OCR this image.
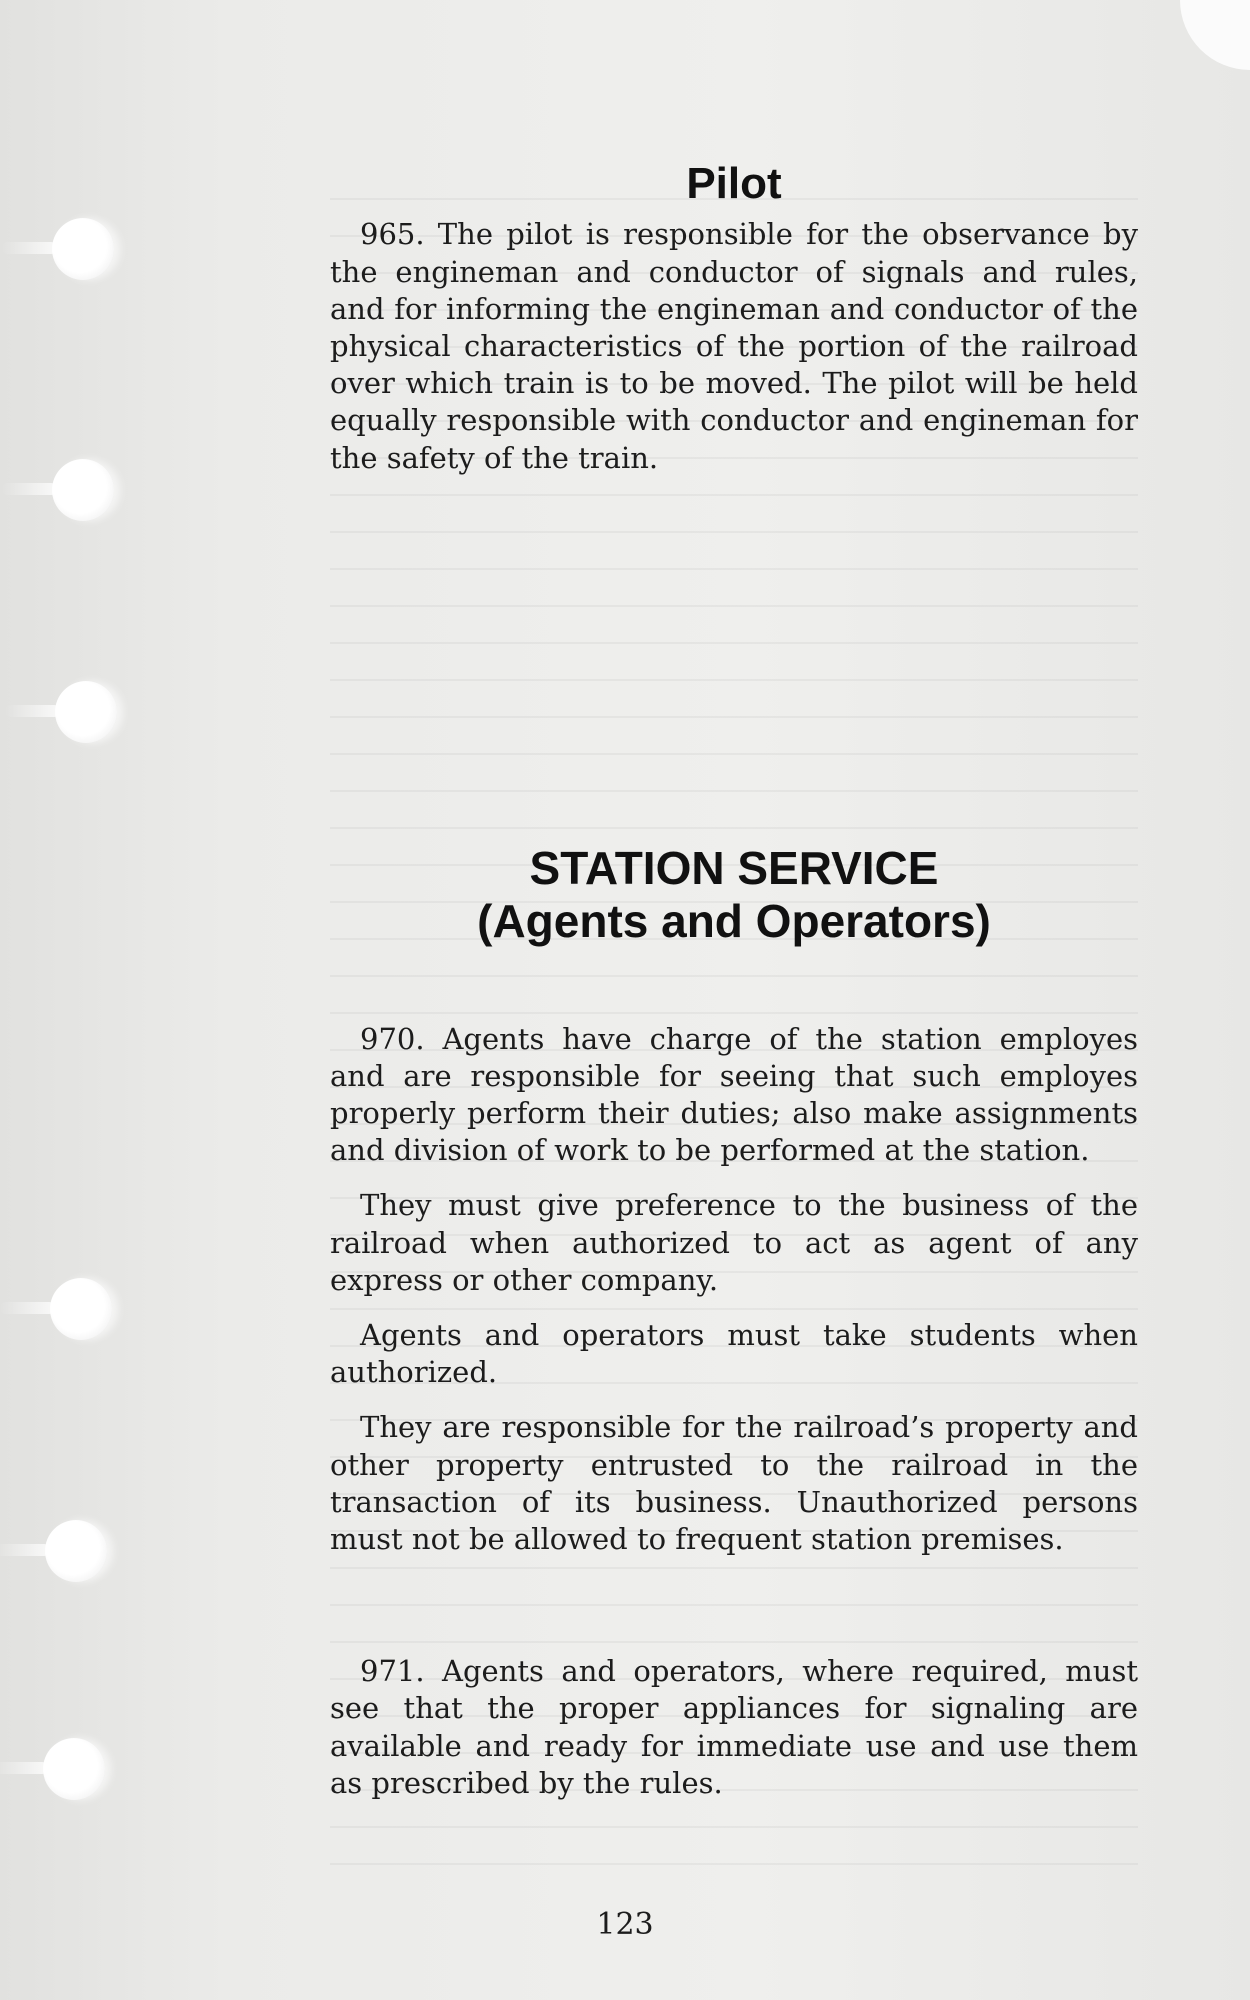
Pilot

965. The pilot is responsible for the observance by the engineman and conductor of signals and rules, and for informing the engineman and conductor of the physical characteristics of the portion of the railroad over which train is to be moved. The pilot will be held equally responsible with conductor and engineman for the safety of the train.

STATION SERVICE
(Agents and Operators)

970. Agents have charge of the station employes and are responsible for seeing that such employes properly perform their duties; also make assignments and division of work to be performed at the station.

They must give preference to the business of the railroad when authorized to act as agent of any express or other company.

Agents and operators must take students when authorized.

They are responsible for the railroad’s property and other property entrusted to the railroad in the transaction of its business. Unauthorized persons must not be allowed to frequent station premises.

971. Agents and operators, where required, must see that the proper appliances for signaling are available and ready for immediate use and use them as prescribed by the rules.

123
